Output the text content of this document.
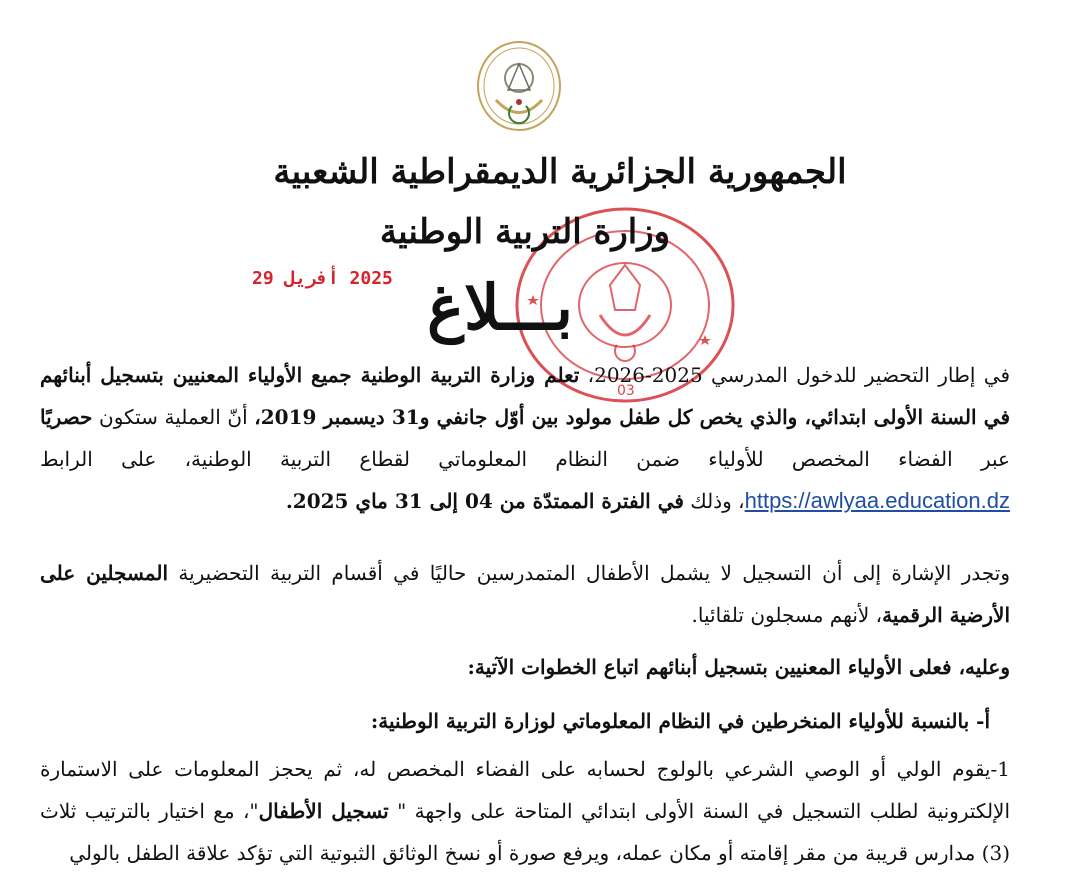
03
الجمهورية الجزائرية الديمقراطية الشعبية
وزارة التربية الوطنية
2025 أفريل 29 بـــلاغ

في إطار التحضير للدخول المدرسي 2025-2026، تعلم وزارة التربية الوطنية جميع الأولياء المعنيين بتسجيل أبنائهم في السنة الأولى ابتدائي، والذي يخص كل طفل مولود بين أوّل جانفي و31 ديسمبر 2019، أنّ العملية ستكون حصريًا عبر الفضاء المخصص للأولياء ضمن النظام المعلوماتي لقطاع التربية الوطنية، على الرابط https://awlyaa.education.dz، وذلك في الفترة الممتدّة من 04 إلى 31 ماي 2025.

وتجدر الإشارة إلى أن التسجيل لا يشمل الأطفال المتمدرسين حاليًا في أقسام التربية التحضيرية المسجلين على الأرضية الرقمية، لأنهم مسجلون تلقائيا.

وعليه، فعلى الأولياء المعنيين بتسجيل أبنائهم اتباع الخطوات الآتية:

أ- بالنسبة للأولياء المنخرطين في النظام المعلوماتي لوزارة التربية الوطنية:

1-يقوم الولي أو الوصي الشرعي بالولوج لحسابه على الفضاء المخصص له، ثم يحجز المعلومات على الاستمارة الإلكترونية لطلب التسجيل في السنة الأولى ابتدائي المتاحة على واجهة " تسجيل الأطفال"، مع اختيار بالترتيب ثلاث (3) مدارس قريبة من مقر إقامته أو مكان عمله، ويرفع صورة أو نسخ الوثائق الثبوتية التي تؤكد علاقة الطفل بالولي
